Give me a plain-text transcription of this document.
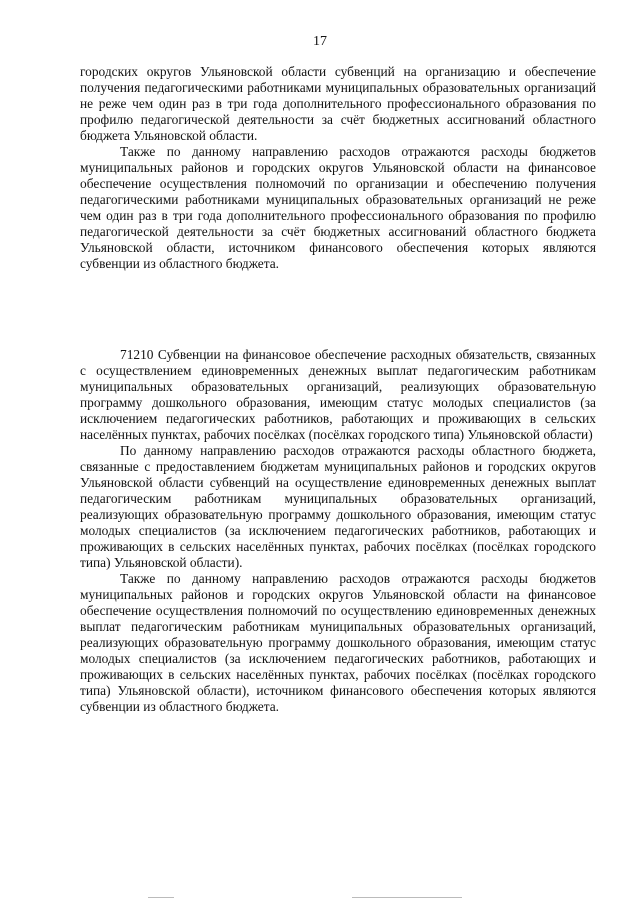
17

городских округов Ульяновской области субвенций на организацию и обеспечение получения педагогическими работниками муниципальных образовательных организаций не реже чем один раз в три года дополнительного профессионального образования по профилю педагогической деятельности за счёт бюджетных ассигнований областного бюджета Ульяновской области.

Также по данному направлению расходов отражаются расходы бюджетов муниципальных районов и городских округов Ульяновской области на финансовое обеспечение осуществления полномочий по организации и обеспечению получения педагогическими работниками муниципальных образовательных организаций не реже чем один раз в три года дополнительного профессионального образования по профилю педагогической деятельности за счёт бюджетных ассигнований областного бюджета Ульяновской области, источником финансового обеспечения которых являются субвенции из областного бюджета.

71210 Субвенции на финансовое обеспечение расходных обязательств, связанных с осуществлением единовременных денежных выплат педагогическим работникам муниципальных образовательных организаций, реализующих образовательную программу дошкольного образования, имеющим статус молодых специалистов (за исключением педагогических работников, работающих и проживающих в сельских населённых пунктах, рабочих посёлках (посёлках городского типа) Ульяновской области)

По данному направлению расходов отражаются расходы областного бюджета, связанные с предоставлением бюджетам муниципальных районов и городских округов Ульяновской области субвенций на осуществление единовременных денежных выплат педагогическим работникам муниципальных образовательных организаций, реализующих образовательную программу дошкольного образования, имеющим статус молодых специалистов (за исключением педагогических работников, работающих и проживающих в сельских населённых пунктах, рабочих посёлках (посёлках городского типа) Ульяновской области).

Также по данному направлению расходов отражаются расходы бюджетов муниципальных районов и городских округов Ульяновской области на финансовое обеспечение осуществления полномочий по осуществлению единовременных денежных выплат педагогическим работникам муниципальных образовательных организаций, реализующих образовательную программу дошкольного образования, имеющим статус молодых специалистов (за исключением педагогических работников, работающих и проживающих в сельских населённых пунктах, рабочих посёлках (посёлках городского типа) Ульяновской области), источником финансового обеспечения которых являются субвенции из областного бюджета.
